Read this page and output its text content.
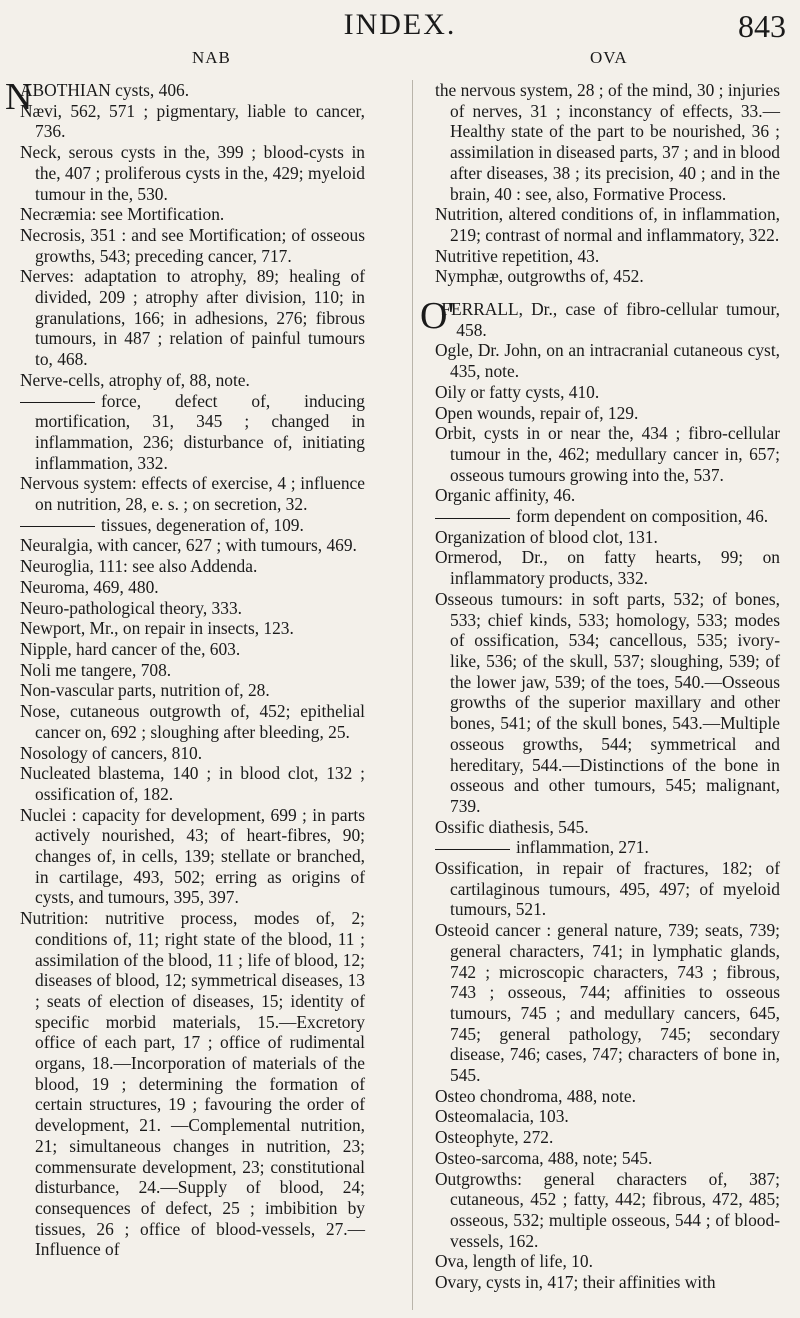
INDEX.	843
NAB	OVA

NABOTHIAN cysts, 406.

Nævi, 562, 571 ; pigmentary, liable to cancer, 736.

Neck, serous cysts in the, 399 ; blood-cysts in the, 407 ; proliferous cysts in the, 429; myeloid tumour in the, 530.

Necræmia: see Mortification.

Necrosis, 351 : and see Mortification; of osseous growths, 543; preceding cancer, 717.

Nerves: adaptation to atrophy, 89; healing of divided, 209 ; atrophy after division, 110; in granulations, 166; in adhesions, 276; fibrous tumours, in 487 ; relation of painful tumours to, 468.

Nerve-cells, atrophy of, 88, note.

force, defect of, inducing mortification, 31, 345 ; changed in inflammation, 236; disturbance of, initiating inflammation, 332.

Nervous system: effects of exercise, 4 ; influence on nutrition, 28, e. s. ; on secretion, 32.

tissues, degeneration of, 109.

Neuralgia, with cancer, 627 ; with tumours, 469.

Neuroglia, 111: see also Addenda.

Neuroma, 469, 480.

Neuro-pathological theory, 333.

Newport, Mr., on repair in insects, 123.

Nipple, hard cancer of the, 603.

Noli me tangere, 708.

Non-vascular parts, nutrition of, 28.

Nose, cutaneous outgrowth of, 452; epithelial cancer on, 692 ; sloughing after bleeding, 25.

Nosology of cancers, 810.

Nucleated blastema, 140 ; in blood clot, 132 ; ossification of, 182.

Nuclei : capacity for development, 699 ; in parts actively nourished, 43; of heart-fibres, 90; changes of, in cells, 139; stellate or branched, in cartilage, 493, 502; erring as origins of cysts, and tumours, 395, 397.

Nutrition: nutritive process, modes of, 2; conditions of, 11; right state of the blood, 11 ; assimilation of the blood, 11 ; life of blood, 12; diseases of blood, 12; symmetrical diseases, 13 ; seats of election of diseases, 15; identity of specific morbid materials, 15.—Excretory office of each part, 17 ; office of rudimental organs, 18.—Incorporation of materials of the blood, 19 ; determining the formation of certain structures, 19 ; favouring the order of development, 21. —Complemental nutrition, 21; simultaneous changes in nutrition, 23; commensurate development, 23; constitutional disturbance, 24.—Supply of blood, 24; consequences of defect, 25 ; imbibition by tissues, 26 ; office of blood-vessels, 27.—Influence of

the nervous system, 28 ; of the mind, 30 ; injuries of nerves, 31 ; inconstancy of effects, 33.—Healthy state of the part to be nourished, 36 ; assimilation in diseased parts, 37 ; and in blood after diseases, 38 ; its precision, 40 ; and in the brain, 40 : see, also, Formative Process.

Nutrition, altered conditions of, in inflammation, 219; contrast of normal and inflammatory, 322.

Nutritive repetition, 43.

Nymphæ, outgrowths of, 452.

O'FERRALL, Dr., case of fibro-cellular tumour, 458.

Ogle, Dr. John, on an intracranial cutaneous cyst, 435, note.

Oily or fatty cysts, 410.

Open wounds, repair of, 129.

Orbit, cysts in or near the, 434 ; fibro-cellular tumour in the, 462; medullary cancer in, 657; osseous tumours growing into the, 537.

Organic affinity, 46.

form dependent on composition, 46.

Organization of blood clot, 131.

Ormerod, Dr., on fatty hearts, 99; on inflammatory products, 332.

Osseous tumours: in soft parts, 532; of bones, 533; chief kinds, 533; homology, 533; modes of ossification, 534; cancellous, 535; ivory-like, 536; of the skull, 537; sloughing, 539; of the lower jaw, 539; of the toes, 540.—Osseous growths of the superior maxillary and other bones, 541; of the skull bones, 543.—Multiple osseous growths, 544; symmetrical and hereditary, 544.—Distinctions of the bone in osseous and other tumours, 545; malignant, 739.

Ossific diathesis, 545.

inflammation, 271.

Ossification, in repair of fractures, 182; of cartilaginous tumours, 495, 497; of myeloid tumours, 521.

Osteoid cancer : general nature, 739; seats, 739; general characters, 741; in lymphatic glands, 742 ; microscopic characters, 743 ; fibrous, 743 ; osseous, 744; affinities to osseous tumours, 745 ; and medullary cancers, 645, 745; general pathology, 745; secondary disease, 746; cases, 747; characters of bone in, 545.

Osteo chondroma, 488, note.

Osteomalacia, 103.

Osteophyte, 272.

Osteo-sarcoma, 488, note; 545.

Outgrowths: general characters of, 387; cutaneous, 452 ; fatty, 442; fibrous, 472, 485; osseous, 532; multiple osseous, 544 ; of blood-vessels, 162.

Ova, length of life, 10.

Ovary, cysts in, 417; their affinities with
